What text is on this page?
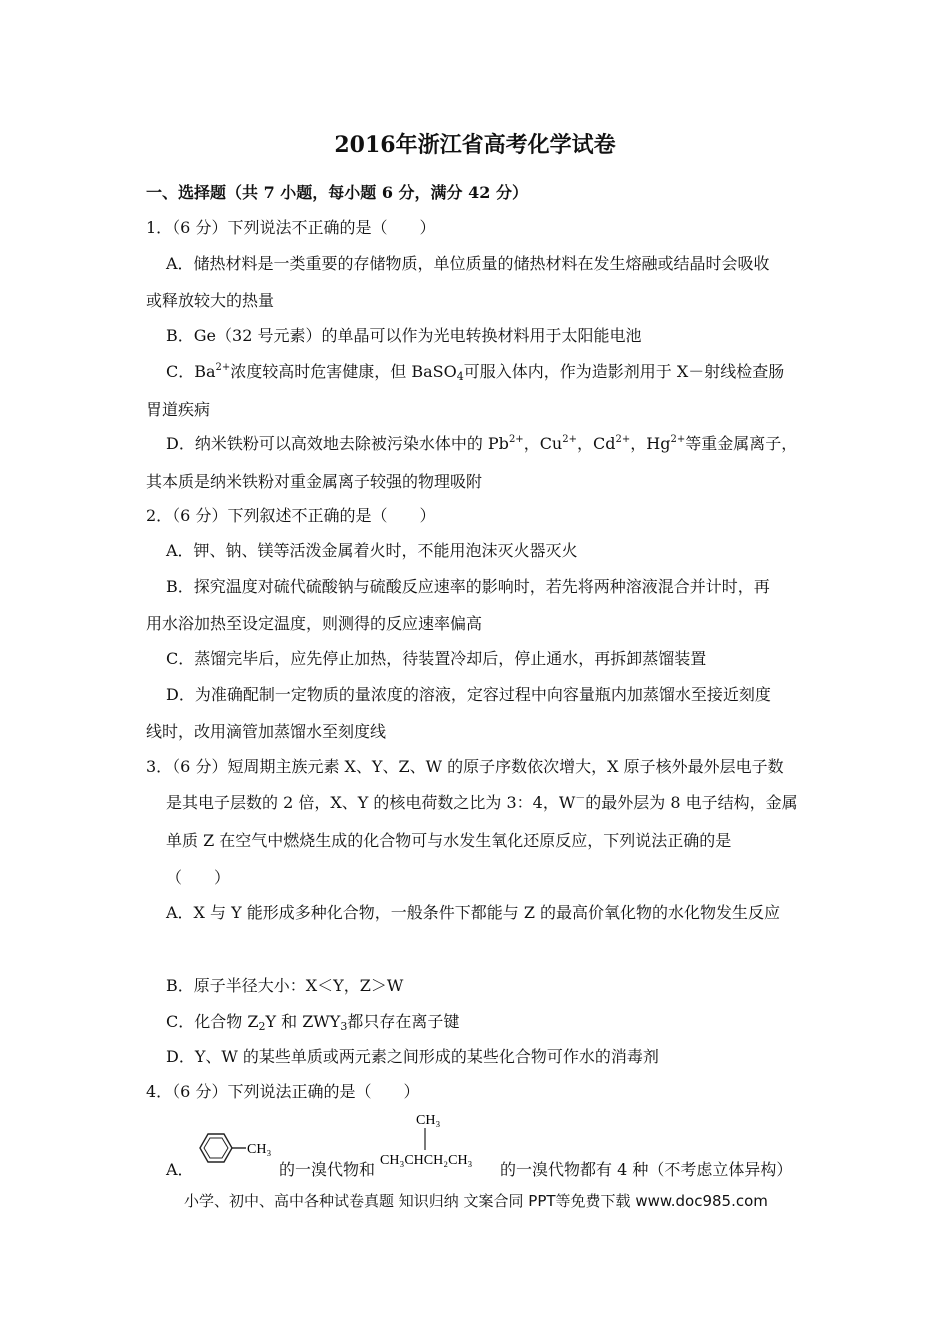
2016年浙江省高考化学试卷
一、选择题（共 7 小题，每小题 6 分，满分 42 分）
1．（6 分）下列说法不正确的是（　　）
A．储热材料是一类重要的存储物质，单位质量的储热材料在发生熔融或结晶时会吸收
或释放较大的热量
B．Ge（32 号元素）的单晶可以作为光电转换材料用于太阳能电池
C．$Ba^{2+}$浓度较高时危害健康，但 BaSO$_4$可服入体内，作为造影剂用于 X－射线检查肠
胃道疾病
D．纳米铁粉可以高效地去除被污染水体中的 $Pb^{2+}$，$Cu^{2+}$，$Cd^{2+}$，$Hg^{2+}$等重金属离子，
其本质是纳米铁粉对重金属离子较强的物理吸附
2．（6 分）下列叙述不正确的是（　　）
A．钾、钠、镁等活泼金属着火时，不能用泡沫灭火器灭火
B．探究温度对硫代硫酸钠与硫酸反应速率的影响时，若先将两种溶液混合并计时，再
用水浴加热至设定温度，则测得的反应速率偏高
C．蒸馏完毕后，应先停止加热，待装置冷却后，停止通水，再拆卸蒸馏装置
D．为准确配制一定物质的量浓度的溶液，定容过程中向容量瓶内加蒸馏水至接近刻度
线时，改用滴管加蒸馏水至刻度线
3．（6 分）短周期主族元素 X、Y、Z、W 的原子序数依次增大，X 原子核外最外层电子数
是其电子层数的 2 倍，X、Y 的核电荷数之比为 3：4，W－的最外层为 8 电子结构，金属
单质 Z 在空气中燃烧生成的化合物可与水发生氧化还原反应，下列说法正确的是
（　　）
A．X 与 Y 能形成多种化合物，一般条件下都能与 Z 的最高价氧化物的水化物发生反应
B．原子半径大小：X＜Y，Z＞W
C．化合物 $Z_2Y$ 和 $ZWY_3$都只存在离子键
D．Y、W 的某些单质或两元素之间形成的某些化合物可作水的消毒剂
4．（6 分）下列说法正确的是（　　）
A．
CH₃
的一溴代物和
CH₃
CH₃CHCH₂CH₃ 的一溴代物都有 4 种（不考虑立体异构）
小学、初中、高中各种试卷真题 知识归纳 文案合同 PPT等免费下载 www.doc985.com
